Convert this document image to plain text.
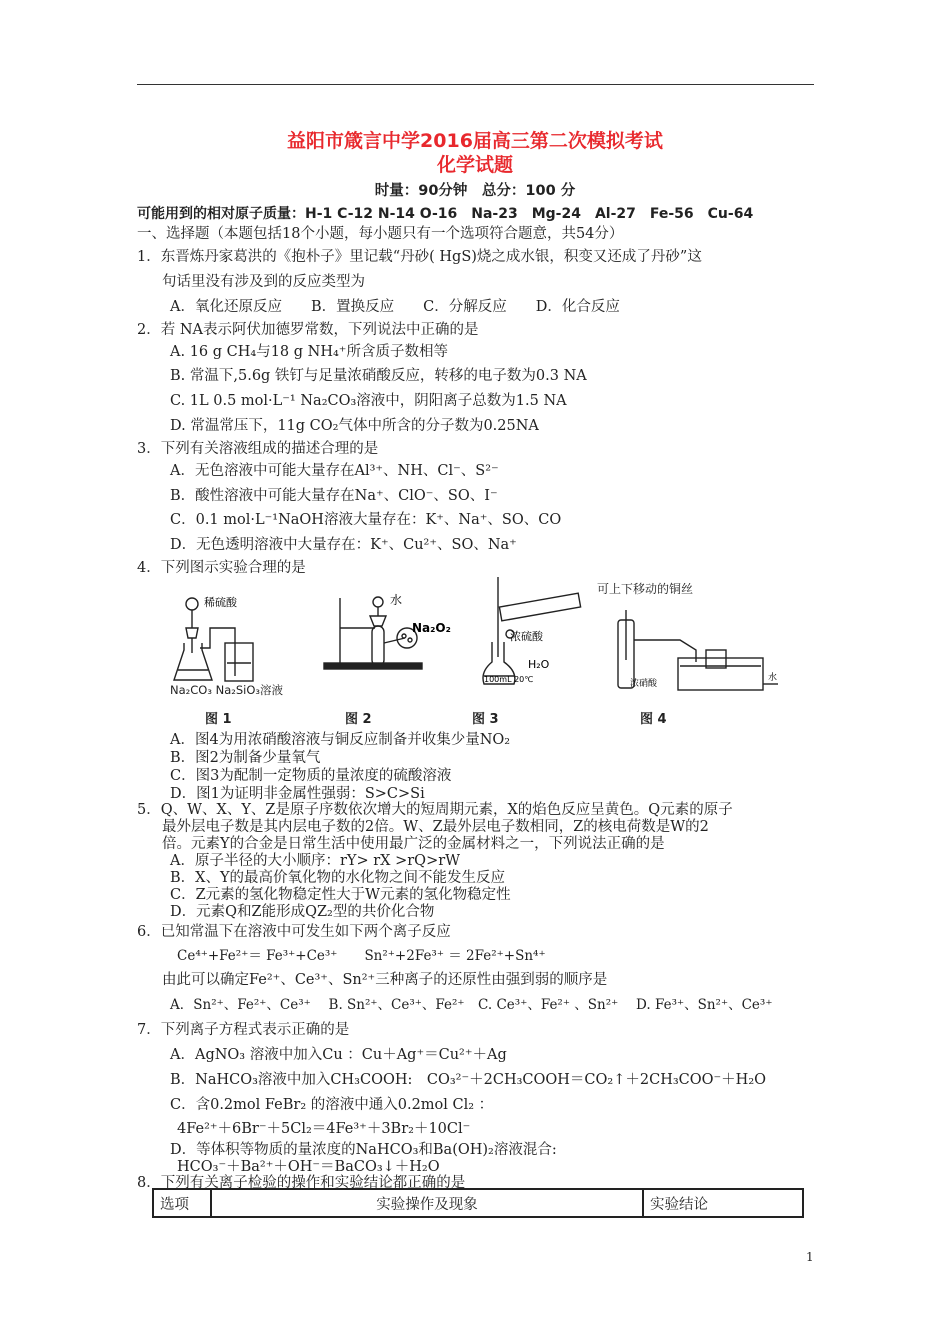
益阳市箴言中学2016届高三第二次模拟考试
化学试题
时量：90分钟　总分：100 分
可能用到的相对原子质量：H-1 C-12 N-14 O-16　Na-23　Mg-24　Al-27　Fe-56　Cu-64
一、选择题（本题包括18个小题，每小题只有一个选项符合题意，共54分）
1．东晋炼丹家葛洪的《抱朴子》里记载“丹砂( HgS)烧之成水银，积变又还成了丹砂”这
句话里没有涉及到的反应类型为
A．氧化还原反应　　B．置换反应　　C．分解反应　　D．化合反应
2．若 NA表示阿伏加德罗常数，下列说法中正确的是
A. 16 g CH₄与18 g NH₄⁺所含质子数相等
B. 常温下,5.6g 铁钉与足量浓硝酸反应，转移的电子数为0.3 NA
C. 1L 0.5 mol·L⁻¹ Na₂CO₃溶液中，阴阳离子总数为1.5 NA
D. 常温常压下，11g CO₂气体中所含的分子数为0.25NA
3．下列有关溶液组成的描述合理的是
A．无色溶液中可能大量存在Al³⁺、NH、Cl⁻、S²⁻
B．酸性溶液中可能大量存在Na⁺、ClO⁻、SO、I⁻
C．0.1 mol·L⁻¹NaOH溶液大量存在：K⁺、Na⁺、SO、CO
D．无色透明溶液中大量存在：K⁺、Cu²⁺、SO、Na⁺
4．下列图示实验合理的是
稀硫酸
Na₂CO₃ Na₂SiO₃溶液
图 1
水
Na₂O₂
图 2
浓硫酸
H₂O
100mL 20℃
图 3
可上下移动的铜丝
浓硝酸
水
图 4
A．图4为用浓硝酸溶液与铜反应制备并收集少量NO₂
B．图2为制备少量氧气
C．图3为配制一定物质的量浓度的硫酸溶液
D．图1为证明非金属性强弱：S>C>Si
5．Q、W、X、Y、Z是原子序数依次增大的短周期元素，X的焰色反应呈黄色。Q元素的原子
最外层电子数是其内层电子数的2倍。W、Z最外层电子数相同，Z的核电荷数是W的2
倍。元素Y的合金是日常生活中使用最广泛的金属材料之一，下列说法正确的是
A．原子半径的大小顺序：rY> rX >rQ>rW
B．X、Y的最高价氧化物的水化物之间不能发生反应
C．Z元素的氢化物稳定性大于W元素的氢化物稳定性
D．元素Q和Z能形成QZ₂型的共价化合物
6．已知常温下在溶液中可发生如下两个离子反应
Ce⁴⁺+Fe²⁺＝ Fe³⁺+Ce³⁺　　Sn²⁺+2Fe³⁺ ＝ 2Fe²⁺+Sn⁴⁺
由此可以确定Fe²⁺、Ce³⁺、Sn²⁺三种离子的还原性由强到弱的顺序是
A．Sn²⁺、Fe²⁺、Ce³⁺　 B. Sn²⁺、Ce³⁺、Fe²⁺　C. Ce³⁺、Fe²⁺ 、Sn²⁺　 D. Fe³⁺、Sn²⁺、Ce³⁺
7．下列离子方程式表示正确的是
A．AgNO₃ 溶液中加入Cu ：Cu＋Ag⁺＝Cu²⁺＋Ag
B．NaHCO₃溶液中加入CH₃COOH:　CO₃²⁻＋2CH₃COOH＝CO₂↑＋2CH₃COO⁻＋H₂O
C．含0.2mol FeBr₂ 的溶液中通入0.2mol Cl₂ ：
4Fe²⁺＋6Br⁻＋5Cl₂＝4Fe³⁺＋3Br₂＋10Cl⁻
D．等体积等物质的量浓度的NaHCO₃和Ba(OH)₂溶液混合:
HCO₃⁻＋Ba²⁺＋OH⁻＝BaCO₃↓＋H₂O
8．下列有关离子检验的操作和实验结论都正确的是
选项	实验操作及现象	实验结论
1
